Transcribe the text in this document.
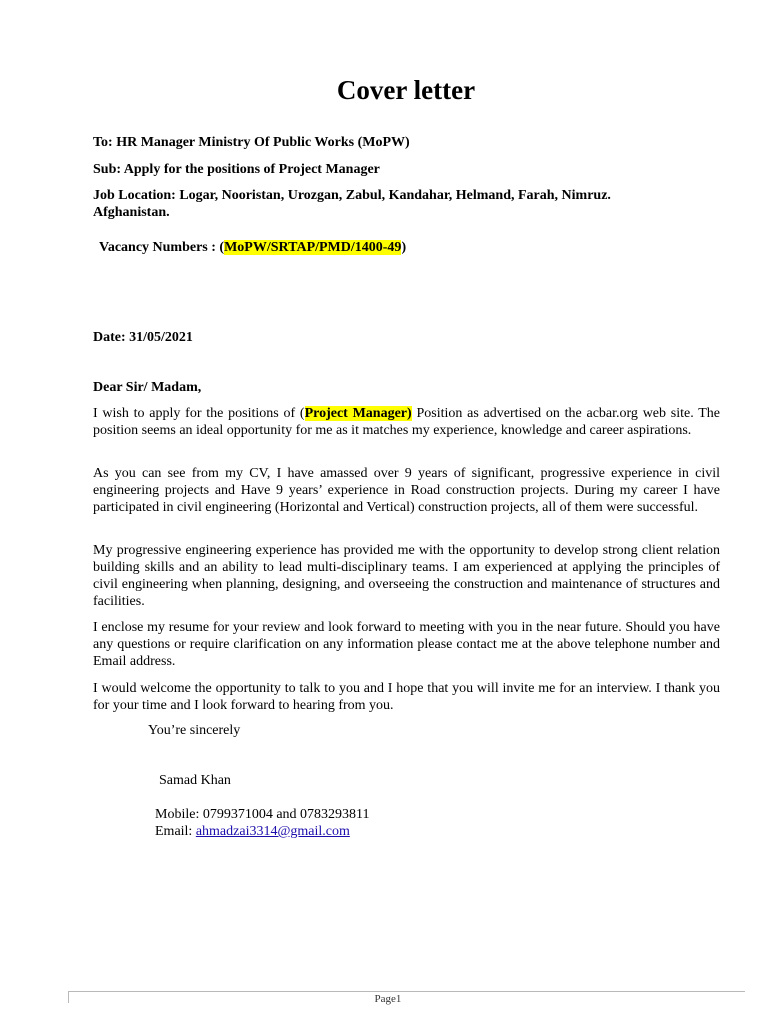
Cover letter
To: HR Manager Ministry Of Public Works (MoPW)
Sub: Apply for the positions of Project Manager
Job Location: Logar, Nooristan, Urozgan, Zabul, Kandahar, Helmand, Farah, Nimruz.
Afghanistan.
Vacancy Numbers : (MoPW/SRTAP/PMD/1400-49)
Date: 31/05/2021
Dear Sir/ Madam,
I wish to apply for the positions of (Project Manager) Position as advertised on the acbar.org web site. The position seems an ideal opportunity for me as it matches my experience, knowledge and career aspirations.
As you can see from my CV, I have amassed over 9 years of significant, progressive experience in civil engineering projects and Have 9 years’ experience in Road construction projects. During my career I have participated in civil engineering (Horizontal and Vertical) construction projects, all of them were successful.
My progressive engineering experience has provided me with the opportunity to develop strong client relation building skills and an ability to lead multi-disciplinary teams. I am experienced at applying the principles of civil engineering when planning, designing, and overseeing the construction and maintenance of structures and facilities.
I enclose my resume for your review and look forward to meeting with you in the near future. Should you have any questions or require clarification on any information please contact me at the above telephone number and Email address.
I would welcome the opportunity to talk to you and I hope that you will invite me for an interview. I thank you for your time and I look forward to hearing from you.
You’re sincerely
Samad Khan
Mobile: 0799371004 and 0783293811
Email: ahmadzai3314@gmail.com
Page1
